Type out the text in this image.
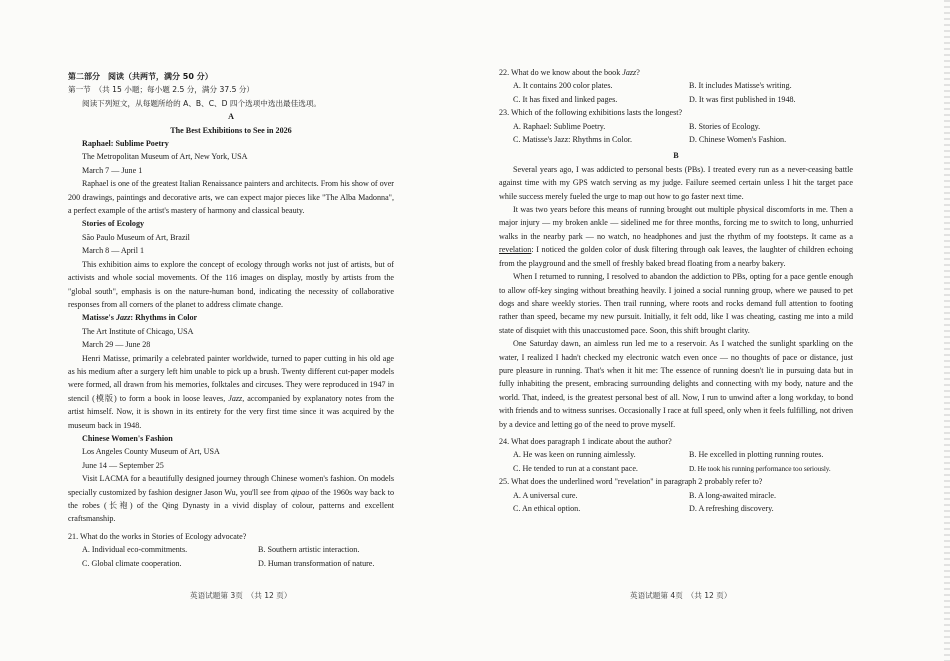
第二部分　阅读（共两节，满分 50 分）

第一节　（共 15 小题；每小题 2.5 分，满分 37.5 分）

阅读下列短文，从每题所给的 A、B、C、D 四个选项中选出最佳选项。

A

The Best Exhibitions to See in 2026

Raphael: Sublime Poetry

The Metropolitan Museum of Art, New York, USA

March 7 — June 1

Raphael is one of the greatest Italian Renaissance painters and architects. From his show of over 200 drawings, paintings and decorative arts, we can expect major pieces like "The Alba Madonna", a perfect example of the artist's mastery of harmony and classical beauty.

Stories of Ecology

São Paulo Museum of Art, Brazil

March 8 — April 1

This exhibition aims to explore the concept of ecology through works not just of artists, but of activists and whole social movements. Of the 116 images on display, mostly by artists from the "global south", emphasis is on the nature-human bond, indicating the necessity of collaborative responses from all corners of the planet to address climate change.

Matisse's Jazz: Rhythms in Color

The Art Institute of Chicago, USA

March 29 — June 28

Henri Matisse, primarily a celebrated painter worldwide, turned to paper cutting in his old age as his medium after a surgery left him unable to pick up a brush. Twenty different cut-paper models were formed, all drawn from his memories, folktales and circuses. They were reproduced in 1947 in stencil (模版) to form a book in loose leaves, Jazz, accompanied by explanatory notes from the artist himself. Now, it is shown in its entirety for the very first time since it was acquired by the museum back in 1948.

Chinese Women's Fashion

Los Angeles County Museum of Art, USA

June 14 — September 25

Visit LACMA for a beautifully designed journey through Chinese women's fashion. On models specially customized by fashion designer Jason Wu, you'll see from qipao of the 1960s way back to the robes (长袍) of the Qing Dynasty in a vivid display of colour, patterns and excellent craftsmanship.

21. What do the works in Stories of Ecology advocate?

A. Individual eco-commitments.	B. Southern artistic interaction.
C. Global climate cooperation.	D. Human transformation of nature.
英语试题第 3页　（共 12 页）

22. What do we know about the book Jazz?

A. It contains 200 color plates.	B. It includes Matisse's writing.
C. It has fixed and linked pages.	D. It was first published in 1948.

23. Which of the following exhibitions lasts the longest?

A. Raphael: Sublime Poetry.	B. Stories of Ecology.
C. Matisse's Jazz: Rhythms in Color.	D. Chinese Women's Fashion.

B

Several years ago, I was addicted to personal bests (PBs). I treated every run as a never-ceasing battle against time with my GPS watch serving as my judge. Failure seemed certain unless I hit the target pace while success merely fueled the urge to map out how to go faster next time.

It was two years before this means of running brought out multiple physical discomforts in me. Then a major injury — my broken ankle — sidelined me for three months, forcing me to switch to long, unhurried walks in the nearby park — no watch, no headphones and just the rhythm of my footsteps. It came as a revelation: I noticed the golden color of dusk filtering through oak leaves, the laughter of children echoing from the playground and the smell of freshly baked bread floating from a nearby bakery.

When I returned to running, I resolved to abandon the addiction to PBs, opting for a pace gentle enough to allow off-key singing without breathing heavily. I joined a social running group, where we paused to pet dogs and share weekly stories. Then trail running, where roots and rocks demand full attention to footing rather than speed, became my new pursuit. Initially, it felt odd, like I was cheating, casting me into a mild state of disquiet with this unaccustomed pace. Soon, this shift brought clarity.

One Saturday dawn, an aimless run led me to a reservoir. As I watched the sunlight sparkling on the water, I realized I hadn't checked my electronic watch even once — no thoughts of pace or distance, just pure pleasure in running. That's when it hit me: The essence of running doesn't lie in pursuing data but in fully inhabiting the present, embracing surrounding delights and connecting with my body, nature and the world. That, indeed, is the greatest personal best of all. Now, I run to unwind after a long workday, to bond with friends and to witness sunrises. Occasionally I race at full speed, only when it feels fulfilling, not driven by a device and letting go of the need to prove myself.

24. What does paragraph 1 indicate about the author?

A. He was keen on running aimlessly.	B. He excelled in plotting running routes.
C. He tended to run at a constant pace.	D. He took his running performance too seriously.

25. What does the underlined word "revelation" in paragraph 2 probably refer to?

A. A universal cure.	B. A long-awaited miracle.
C. An ethical option.	D. A refreshing discovery.
英语试题第 4页　（共 12 页）
